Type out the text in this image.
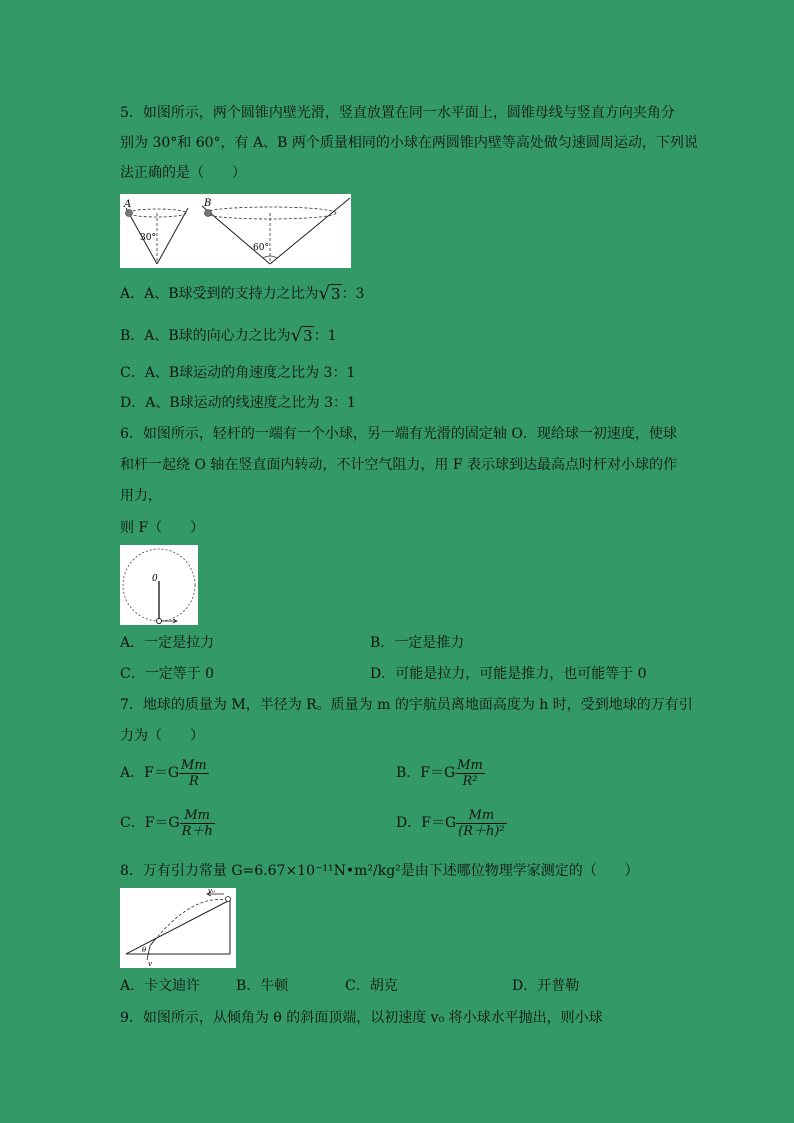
5．如图所示，两个圆锥内壁光滑，竖直放置在同一水平面上，圆锥母线与竖直方向夹角分
别为 30°和 60°，有 A、B 两个质量相同的小球在两圆锥内壁等高处做匀速圆周运动，下列说
法正确的是（　　）
A
30°
B
60°
A．A、B球受到的支持力之比为√3：3
B．A、B球的向心力之比为√3：1
C．A、B球运动的角速度之比为 3：1
D．A、B球运动的线速度之比为 3：1
6．如图所示，轻杆的一端有一个小球，另一端有光滑的固定轴 O．现给球一初速度，使球
和杆一起绕 O 轴在竖直面内转动，不计空气阻力，用 F 表示球到达最高点时杆对小球的作
用力，
则 F（　　）
0
A．一定是拉力	B．一定是推力
C．一定等于 0	D．可能是拉力，可能是推力，也可能等于 0
7．地球的质量为 M，半径为 R。质量为 m 的宇航员离地面高度为 h 时，受到地球的万有引
力为（　　）
A．$F=G \frac{Mm}{R}$	B．$F=G \frac{Mm}{\text{R²}}$
C．$F=G \frac{Mm}{R+h}$	D．$F=G \frac{Mm}{\text{(R＋h)²}}$
8．万有引力常量 G=6.67×10⁻¹¹N•m²/kg²是由下述哪位物理学家测定的（　　）
v₀
θ
v
A．卡文迪许	B．牛顿	C．胡克	D．开普勒
9．如图所示，从倾角为 θ 的斜面顶端，以初速度 v₀ 将小球水平抛出，则小球
